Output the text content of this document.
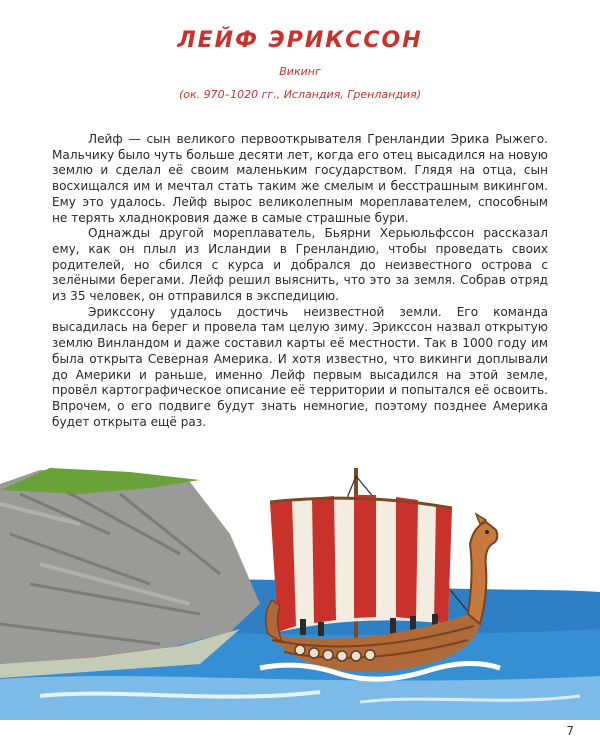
ЛЕЙФ ЭРИКССОН
Викинг
(ок. 970–1020 гг., Исландия, Гренландия)

Лейф — сын великого первооткрывателя Гренландии Эрика Рыжего. Мальчику было чуть больше десяти лет, когда его отец высадился на новую землю и сделал её своим маленьким государством. Глядя на отца, сын восхищался им и мечтал стать таким же смелым и бесстрашным викингом. Ему это удалось. Лейф вырос великолепным мореплавателем, способным не терять хладнокровия даже в самые страшные бури.

Однажды другой мореплаватель, Бьярни Херьюльфссон рассказал ему, как он плыл из Исландии в Гренландию, чтобы проведать своих родителей, но сбился с курса и добрался до неизвестного острова с зелёными берегами. Лейф решил выяснить, что это за земля. Собрав отряд из 35 человек, он отправился в экспедицию.

Эрикссону удалось достичь неизвестной земли. Его команда высадилась на берег и провела там целую зиму. Эрикссон назвал открытую землю Винландом и даже составил карты её местности. Так в 1000 году им была открыта Северная Америка. И хотя известно, что викинги доплывали до Америки и раньше, именно Лейф первым высадился на этой земле, провёл картографическое описание её территории и попытался её освоить. Впрочем, о его подвиге будут знать немногие, поэтому позднее Америка будет открыта ещё раз.

7
